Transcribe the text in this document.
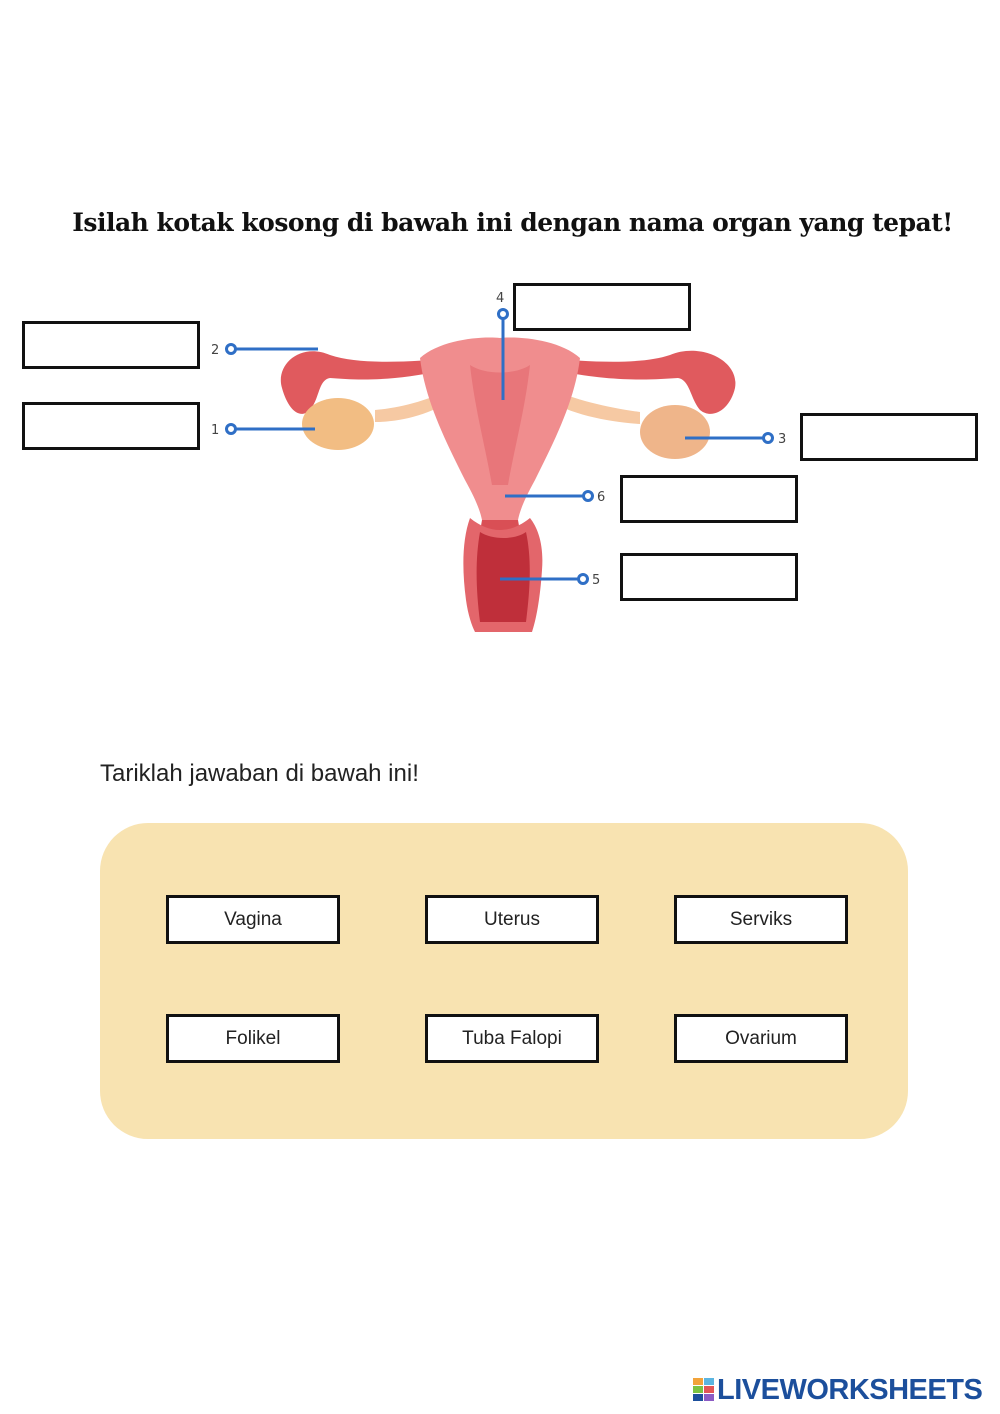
Isilah kotak kosong di bawah ini dengan nama organ yang tepat!
1
2
3
4
5
6
Tariklah jawaban di bawah ini!
Vagina	Uterus	Serviks
Folikel	Tuba Falopi	Ovarium
LIVEWORKSHEETS
